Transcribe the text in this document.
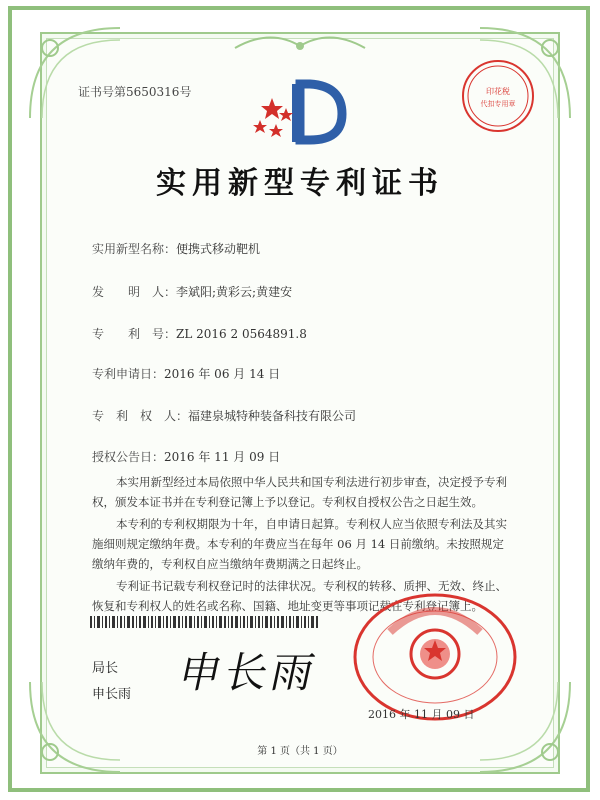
证书号第5650316号	印花税
代扣专用章
实用新型专利证书
实用新型名称：便携式移动靶机
发　　明　人：李斌阳;黄彩云;黄建安
专　　利　号：ZL 2016 2 0564891.8
专利申请日：2016 年 06 月 14 日
专　利　权　人：福建泉城特种装备科技有限公司
授权公告日：2016 年 11 月 09 日
本实用新型经过本局依照中华人民共和国专利法进行初步审查，决定授予专利权，颁发本证书并在专利登记簿上予以登记。专利权自授权公告之日起生效。
本专利的专利权期限为十年，自申请日起算。专利权人应当依照专利法及其实施细则规定缴纳年费。本专利的年费应当在每年 06 月 14 日前缴纳。未按照规定缴纳年费的，专利权自应当缴纳年费期满之日起终止。
专利证书记载专利权登记时的法律状况。专利权的转移、质押、无效、终止、恢复和专利权人的姓名或名称、国籍、地址变更等事项记载在专利登记簿上。
局长
申长雨 申长雨
2016 年 11 月 09 日
第 1 页（共 1 页）
